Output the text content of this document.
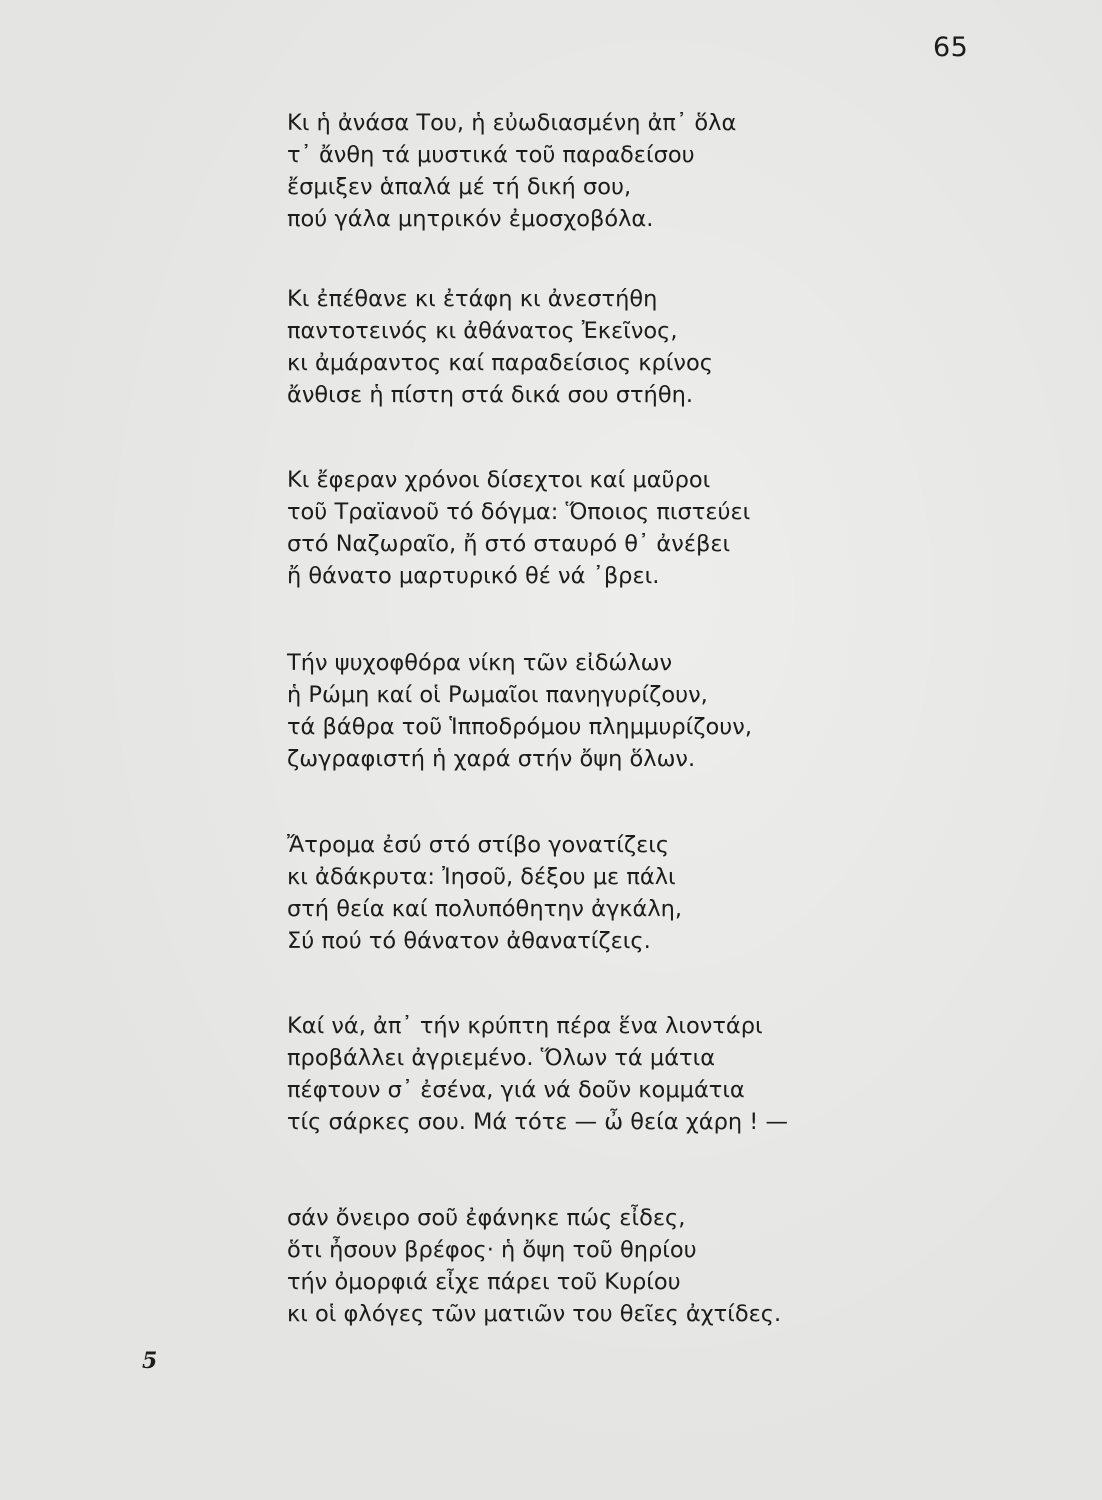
65
Κι ἡ ἀνάσα Του, ἡ εὐωδιασμένη ἀπ᾿ ὅλα
τ᾿ ἄνθη τά μυστικά τοῦ παραδείσου
ἔσμιξεν ἁπαλά μέ τή δική σου,
πού γάλα μητρικόν ἐμοσχοβόλα.
Κι ἐπέθανε κι ἐτάφη κι ἀνεστήθη
παντοτεινός κι ἀθάνατος Ἐκεῖνος,
κι ἀμάραντος καί παραδείσιος κρίνος
ἄνθισε ἡ πίστη στά δικά σου στήθη.
Κι ἔφεραν χρόνοι δίσεχτοι καί μαῦροι
τοῦ Τραϊανοῦ τό δόγμα: Ὅποιος πιστεύει
στό Ναζωραῖο, ἤ στό σταυρό θ᾿ ἀνέβει
ἤ θάνατο μαρτυρικό θέ νά ᾿βρει.
Τήν ψυχοφθόρα νίκη τῶν εἰδώλων
ἡ Ρώμη καί οἱ Ρωμαῖοι πανηγυρίζουν,
τά βάθρα τοῦ Ἱπποδρόμου πλημμυρίζουν,
ζωγραφιστή ἡ χαρά στήν ὄψη ὅλων.
Ἄτρομα ἐσύ στό στίβο γονατίζεις
κι ἀδάκρυτα: Ἰησοῦ, δέξου με πάλι
στή θεία καί πολυπόθητην ἀγκάλη,
Σύ πού τό θάνατον ἀθανατίζεις.
Καί νά, ἀπ᾿ τήν κρύπτη πέρα ἕνα λιοντάρι
προβάλλει ἀγριεμένο. Ὅλων τά μάτια
πέφτουν σ᾿ ἐσένα, γιά νά δοῦν κομμάτια
τίς σάρκες σου. Μά τότε — ὦ θεία χάρη ! —
σάν ὄνειρο σοῦ ἐφάνηκε πώς εἶδες,
ὅτι ἦσουν βρέφος· ἡ ὄψη τοῦ θηρίου
τήν ὀμορφιά εἶχε πάρει τοῦ Κυρίου
κι οἱ φλόγες τῶν ματιῶν του θεῖες ἀχτίδες.
5
